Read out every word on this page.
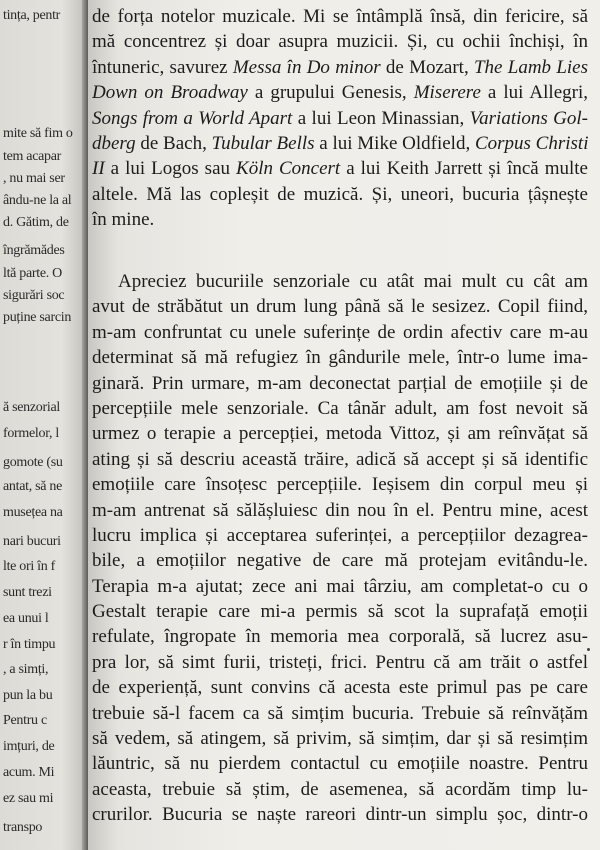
tința, pentr
mite să fim o
tem acapar
, nu mai ser
ându-ne la al
d. Gătim, de
îngrămădes
ltă parte. O
sigurări soc
puține sarcin
ă senzorial
formelor, l
gomote (su
antat, să ne
musețea na
nari bucuri
lte ori în f
sunt trezi
ea unui l
r în timpu
, a simți,
pun la bu
Pentru c
imțuri, de
acum. Mi
ez sau mi
transpo
de forța notelor muzicale. Mi se întâmplă însă, din fericire, să
mă concentrez și doar asupra muzicii. Și, cu ochii închiși, în
întuneric, savurez Messa în Do minor de Mozart, The Lamb Lies
Down on Broadway a grupului Genesis, Miserere a lui Allegri,
Songs from a World Apart a lui Leon Minassian, Variations Gol-
dberg de Bach, Tubular Bells a lui Mike Oldfield, Corpus Christi
II a lui Logos sau Köln Concert a lui Keith Jarrett și încă multe
altele. Mă las copleșit de muzică. Și, uneori, bucuria țâșnește
în mine.
Apreciez bucuriile senzoriale cu atât mai mult cu cât am
avut de străbătut un drum lung până să le sesizez. Copil fiind,
m-am confruntat cu unele suferințe de ordin afectiv care m-au
determinat să mă refugiez în gândurile mele, într-o lume ima-
ginară. Prin urmare, m-am deconectat parțial de emoțiile și de
percepțiile mele senzoriale. Ca tânăr adult, am fost nevoit să
urmez o terapie a percepției, metoda Vittoz, și am reînvățat să
ating și să descriu această trăire, adică să accept și să identific
emoțiile care însoțesc percepțiile. Ieșisem din corpul meu și
m-am antrenat să sălășluiesc din nou în el. Pentru mine, acest
lucru implica și acceptarea suferinței, a percepțiilor dezagrea-
bile, a emoțiilor negative de care mă protejam evitându-le.
Terapia m-a ajutat; zece ani mai târziu, am completat-o cu o
Gestalt terapie care mi-a permis să scot la suprafață emoții
refulate, îngropate în memoria mea corporală, să lucrez asu-
pra lor, să simt furii, tristeți, frici. Pentru că am trăit o astfel
de experiență, sunt convins că acesta este primul pas pe care
trebuie să-l facem ca să simțim bucuria. Trebuie să reînvățăm
să vedem, să atingem, să privim, să simțim, dar și să resimțim
lăuntric, să nu pierdem contactul cu emoțiile noastre. Pentru
aceasta, trebuie să știm, de asemenea, să acordăm timp lu-
crurilor. Bucuria se naște rareori dintr-un simplu șoc, dintr-o
